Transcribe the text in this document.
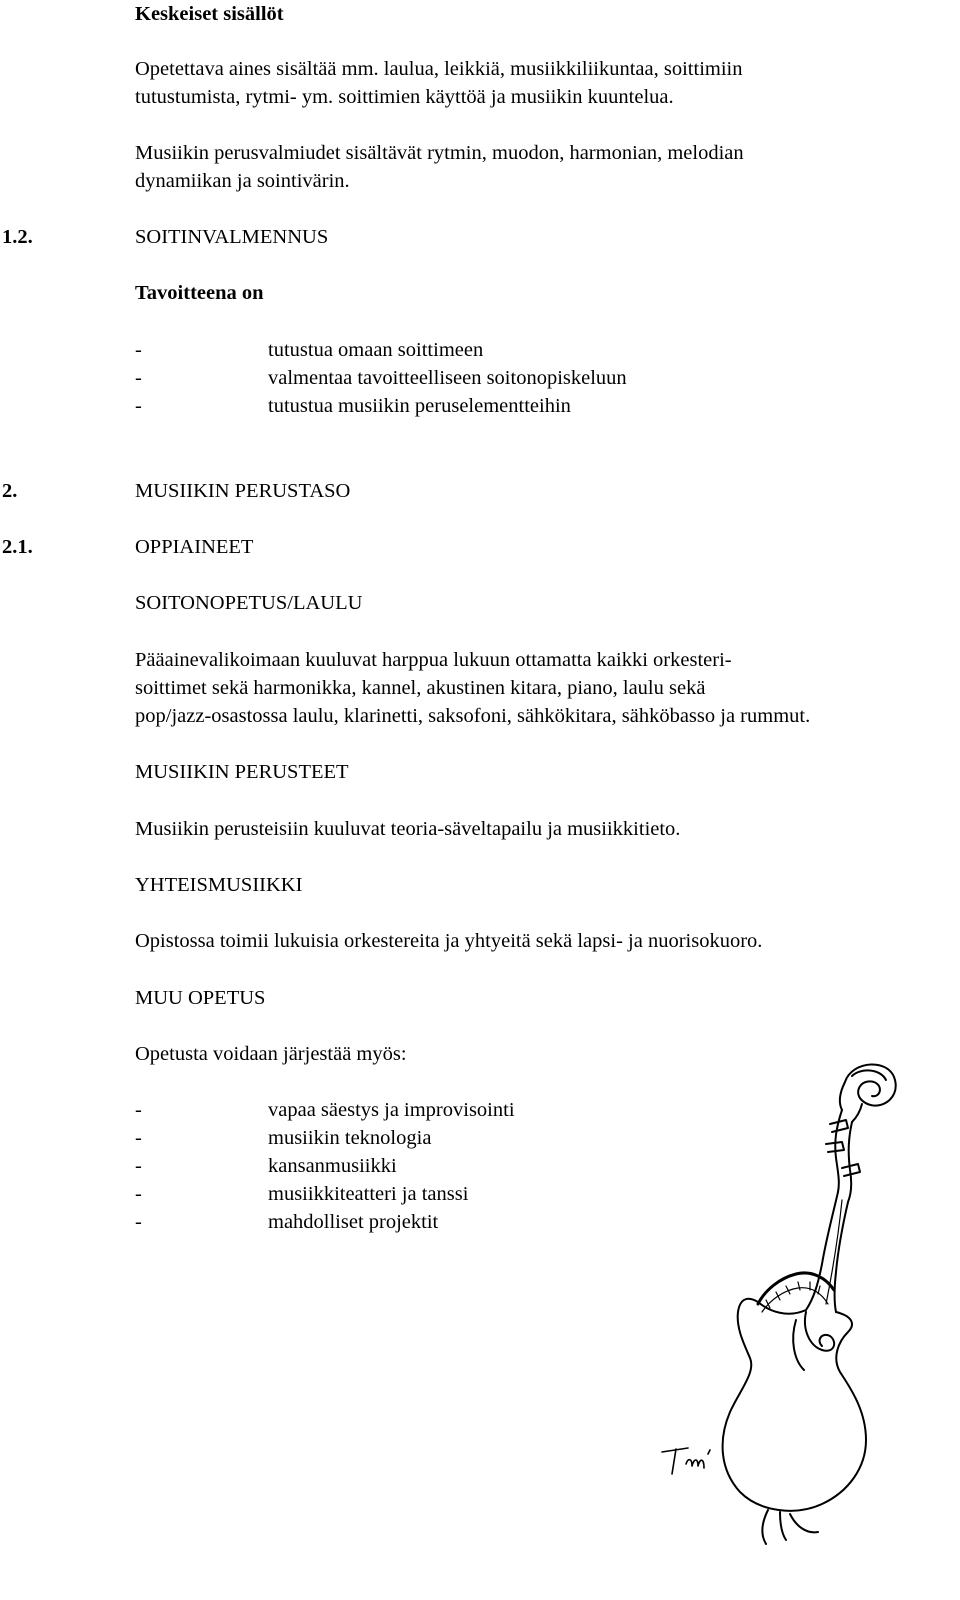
Keskeiset sisällöt
Opetettava aines sisältää mm. laulua, leikkiä, musiikkiliikuntaa, soittimiin
tutustumista, rytmi- ym. soittimien käyttöä ja musiikin kuuntelua.
Musiikin perusvalmiudet sisältävät rytmin, muodon, harmonian, melodian
dynamiikan ja sointivärin.
1.2.	SOITINVALMENNUS
Tavoitteena on
-	tutustua omaan soittimeen
-	valmentaa tavoitteelliseen soitonopiskeluun
-	tutustua musiikin peruselementteihin
2.	MUSIIKIN PERUSTASO
2.1.	OPPIAINEET
SOITONOPETUS/LAULU
Pääainevalikoimaan kuuluvat harppua lukuun ottamatta kaikki orkesteri-
soittimet sekä harmonikka, kannel, akustinen kitara, piano, laulu sekä
pop/jazz-osastossa laulu, klarinetti, saksofoni, sähkökitara, sähköbasso ja rummut.
MUSIIKIN PERUSTEET
Musiikin perusteisiin kuuluvat teoria-säveltapailu ja musiikkitieto.
YHTEISMUSIIKKI
Opistossa toimii lukuisia orkestereita ja yhtyeitä sekä lapsi- ja nuorisokuoro.
MUU OPETUS
Opetusta voidaan järjestää myös:
-	vapaa säestys ja improvisointi
-	musiikin teknologia
-	kansanmusiikki
-	musiikkiteatteri ja tanssi
-	mahdolliset projektit
